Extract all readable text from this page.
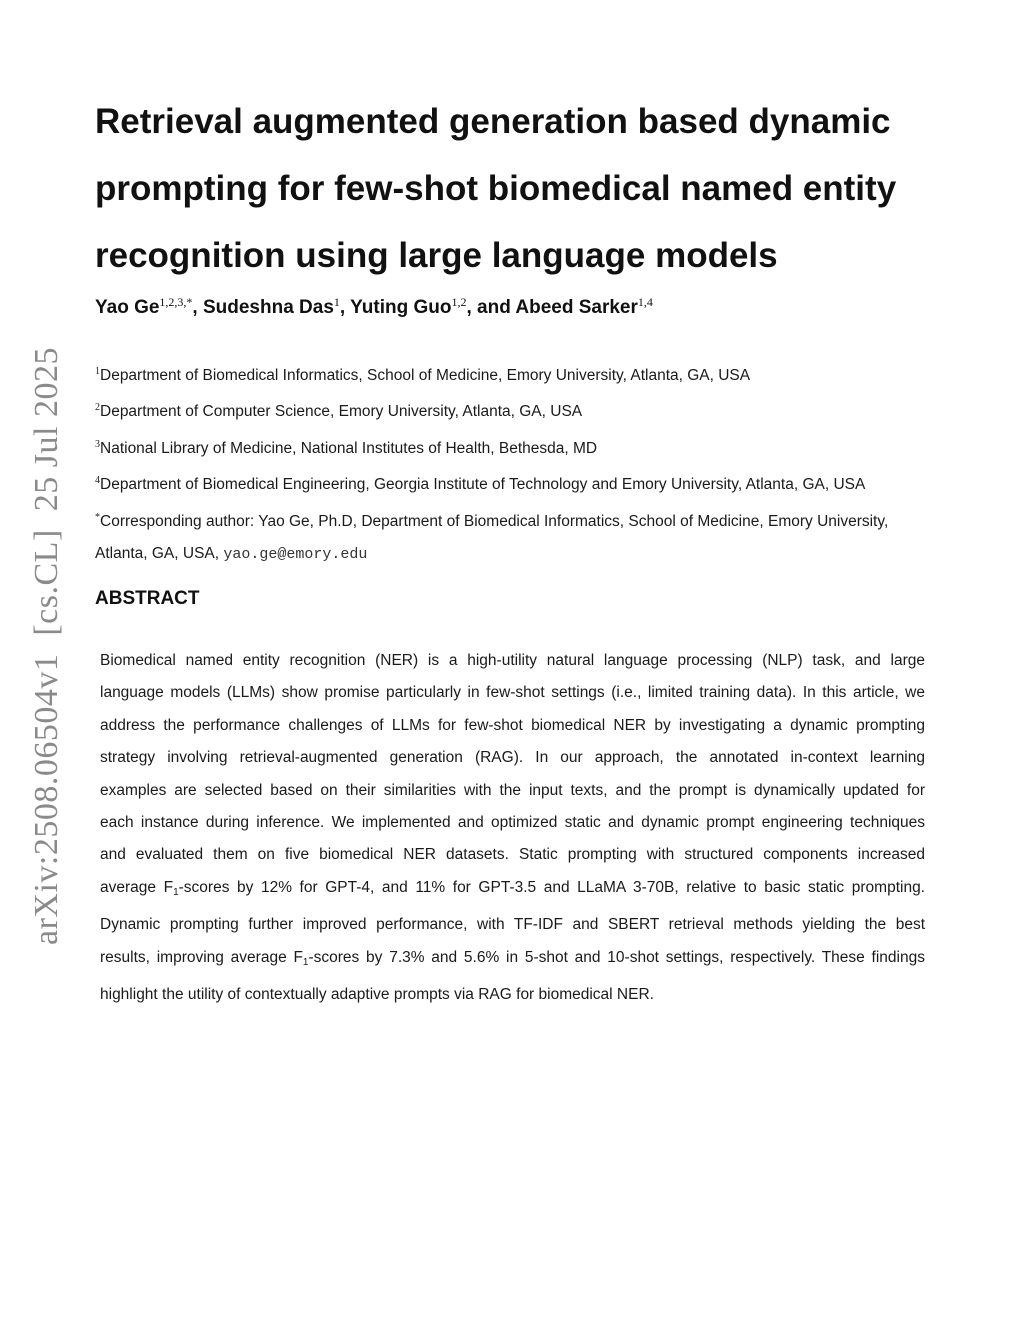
arXiv:2508.06504v1[cs.CL]25 Jul 2025
Retrieval augmented generation based dynamic
prompting for few-shot biomedical named entity
recognition using large language models
Yao $Ge^{1,2,3,*}$, Sudeshna Das$^1$, Yuting Guo$^{1,2}$, and Abeed Sarker$^{1,4}$
$^1$Department of Biomedical Informatics, School of Medicine, Emory University, Atlanta, GA, USA
$^2$Department of Computer Science, Emory University, Atlanta, GA, USA
$^3$National Library of Medicine, National Institutes of Health, Bethesda, MD
$^4$Department of Biomedical Engineering, Georgia Institute of Technology and Emory University, Atlanta, GA, USA
*Corresponding author: Yao Ge, Ph.D, Department of Biomedical Informatics, School of Medicine, Emory University,
Atlanta, GA, USA, yao.ge@emory.edu
ABSTRACT

Biomedical named entity recognition (NER) is a high-utility natural language processing (NLP) task, and large
language models (LLMs) show promise particularly in few-shot settings (i.e., limited training data). In this article, we
address the performance challenges of LLMs for few-shot biomedical NER by investigating a dynamic prompting
strategy involving retrieval-augmented generation (RAG). In our approach, the annotated in-context learning
examples are selected based on their similarities with the input texts, and the prompt is dynamically updated for
each instance during inference. We implemented and optimized static and dynamic prompt engineering techniques
and evaluated them on five biomedical NER datasets. Static prompting with structured components increased
average F1-scores by 12% for GPT-4, and 11% for GPT-3.5 and LLaMA 3-70B, relative to basic static prompting.
Dynamic prompting further improved performance, with TF-IDF and SBERT retrieval methods yielding the best
results, improving average F1-scores by 7.3% and 5.6% in 5-shot and 10-shot settings, respectively. These findings
highlight the utility of contextually adaptive prompts via RAG for biomedical NER.
